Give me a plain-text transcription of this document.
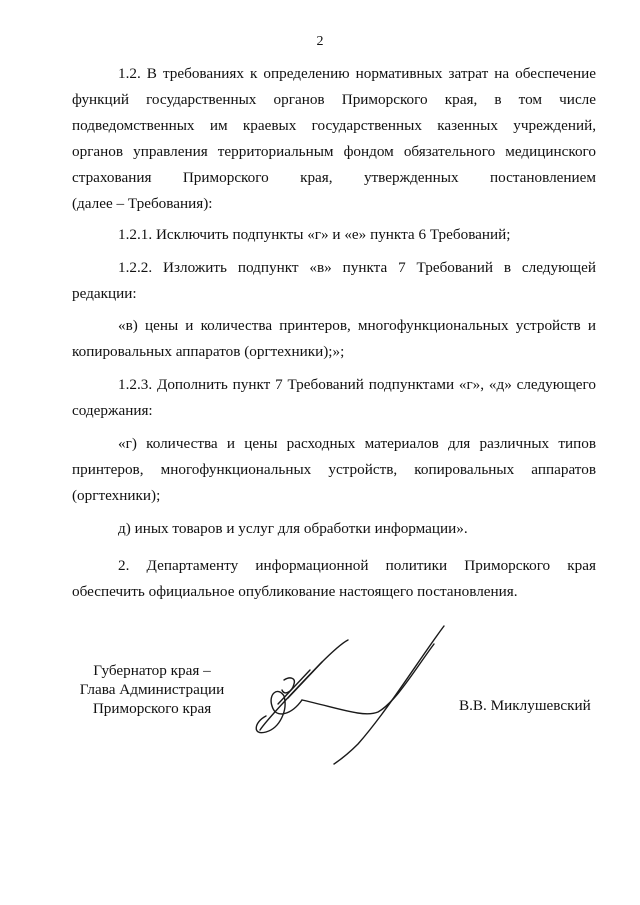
2
1.2. В требованиях к определению нормативных затрат на обеспечение
функций государственных органов Приморского края, в том числе
подведомственных им краевых государственных казенных учреждений,
органов управления территориальным фондом обязательного медицинского
страхования Приморского края, утвержденных постановлением
(далее – Требования):
1.2.1. Исключить подпункты «г» и «е» пункта 6 Требований;
1.2.2. Изложить подпункт «в» пункта 7 Требований в следующей
редакции:
«в) цены и количества принтеров, многофункциональных устройств и
копировальных аппаратов (оргтехники);»;
1.2.3. Дополнить пункт 7 Требований подпунктами «г», «д» следующего
содержания:
«г) количества и цены расходных материалов для различных типов
принтеров, многофункциональных устройств, копировальных аппаратов
(оргтехники);
д) иных товаров и услуг для обработки информации».
2. Департаменту информационной политики Приморского края
обеспечить официальное опубликование настоящего постановления.
Губернатор края –
Глава Администрации
Приморского края	В.В. Миклушевский
